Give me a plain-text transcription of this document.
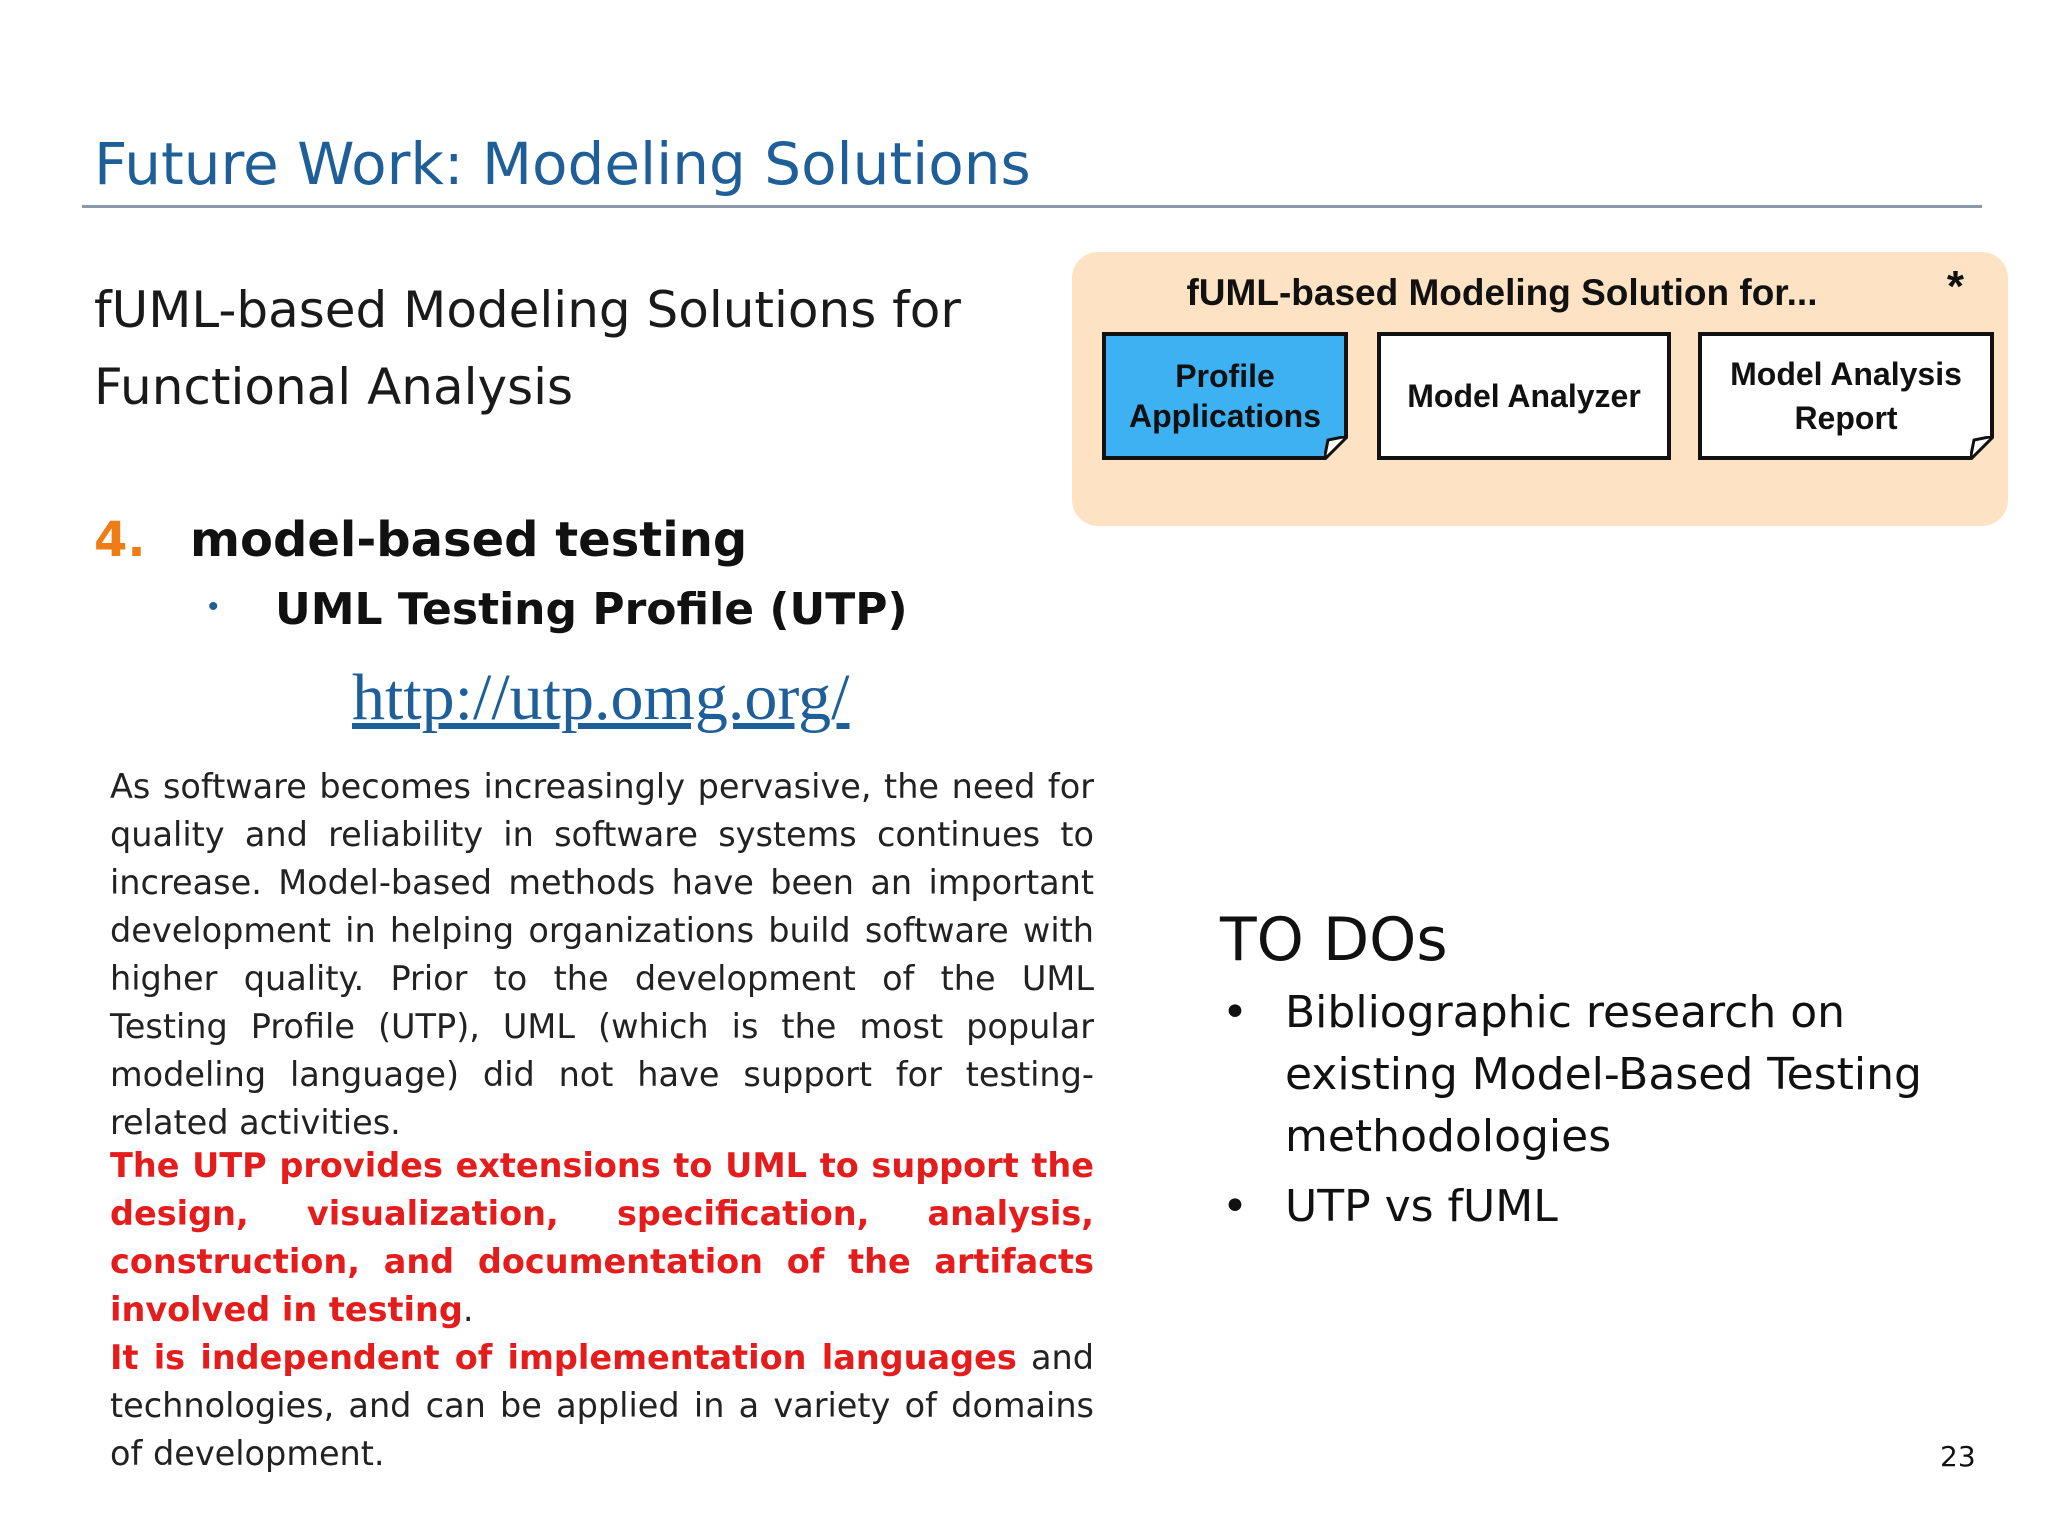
Future Work: Modeling Solutions
fUML-based Modeling Solutions for Functional Analysis
4. model-based testing
• UML Testing Profile (UTP)
http://utp.omg.org/
As software becomes increasingly pervasive, the need for quality and reliability in software systems continues to increase. Model-based methods have been an important development in helping organizations build software with higher quality. Prior to the development of the UML Testing Profile (UTP), UML (which is the most popular modeling language) did not have support for testing-related activities.
The UTP provides extensions to UML to support the design, visualization, specification, analysis, construction, and documentation of the artifacts involved in testing.
It is independent of implementation languages and technologies, and can be applied in a variety of domains of development.
fUML-based Modeling Solution for...	*
Profile Applications
Model Analyzer
Model Analysis Report
TO DOs
• Bibliographic research on existing Model-Based Testing methodologies
• UTP vs fUML
23
